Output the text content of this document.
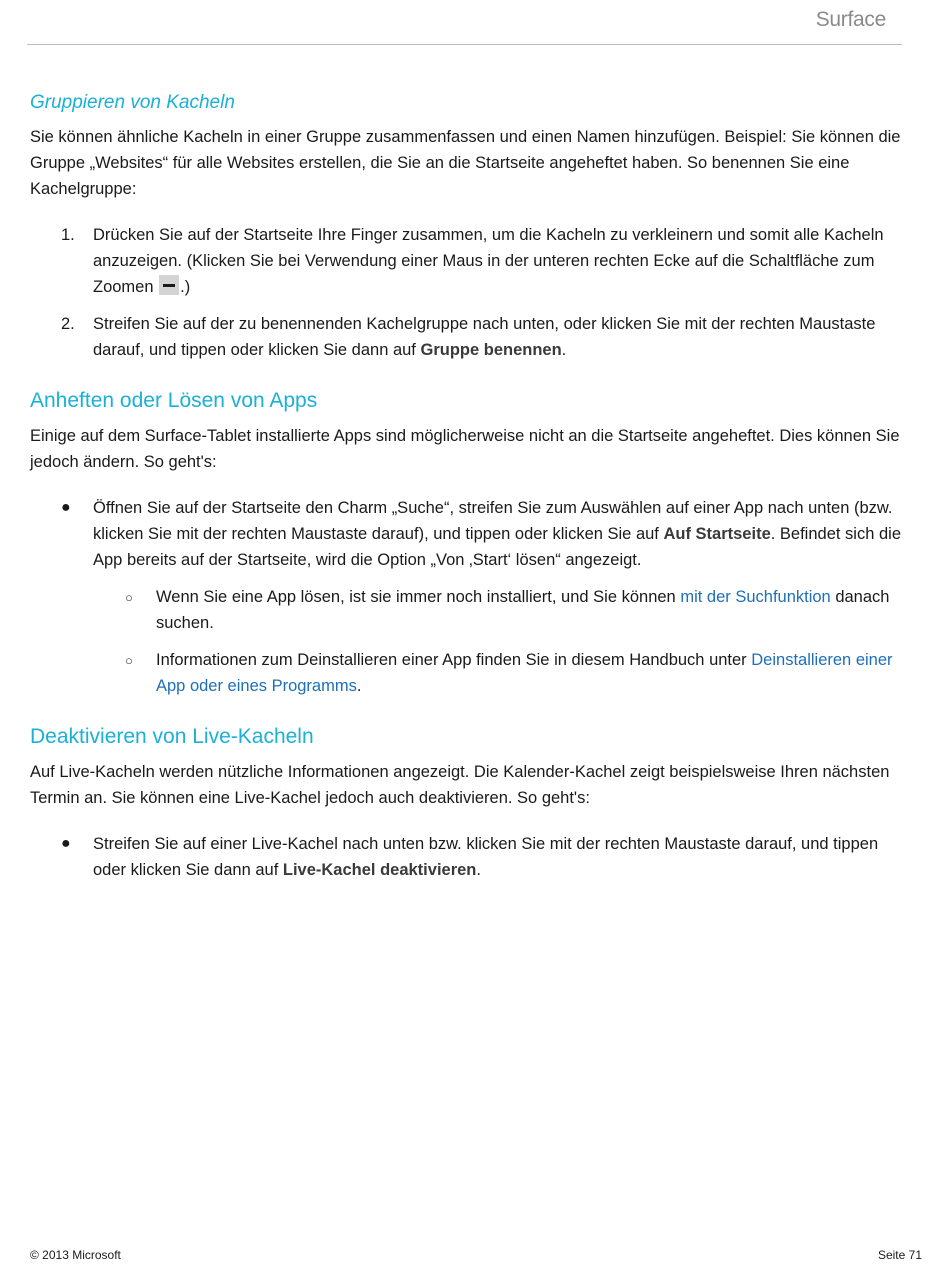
Surface
Gruppieren von Kacheln

Sie können ähnliche Kacheln in einer Gruppe zusammenfassen und einen Namen hinzufügen. Beispiel: Sie können die Gruppe „Websites“ für alle Websites erstellen, die Sie an die Startseite angeheftet haben. So benennen Sie eine Kachelgruppe:

1. Drücken Sie auf der Startseite Ihre Finger zusammen, um die Kacheln zu verkleinern und somit alle Kacheln anzuzeigen. (Klicken Sie bei Verwendung einer Maus in der unteren rechten Ecke auf die Schaltfläche zum Zoomen .)
2. Streifen Sie auf der zu benennenden Kachelgruppe nach unten, oder klicken Sie mit der rechten Maustaste darauf, und tippen oder klicken Sie dann auf Gruppe benennen.
Anheften oder Lösen von Apps

Einige auf dem Surface-Tablet installierte Apps sind möglicherweise nicht an die Startseite angeheftet. Dies können Sie jedoch ändern. So geht's:

● Öffnen Sie auf der Startseite den Charm „Suche“, streifen Sie zum Auswählen auf einer App nach unten (bzw. klicken Sie mit der rechten Maustaste darauf), und tippen oder klicken Sie auf Auf Startseite. Befindet sich die App bereits auf der Startseite, wird die Option „Von ‚Start‘ lösen“ angezeigt.
○ Wenn Sie eine App lösen, ist sie immer noch installiert, und Sie können mit der Suchfunktion danach suchen.
○ Informationen zum Deinstallieren einer App finden Sie in diesem Handbuch unter Deinstallieren einer App oder eines Programms.
Deaktivieren von Live-Kacheln

Auf Live-Kacheln werden nützliche Informationen angezeigt. Die Kalender-Kachel zeigt beispielsweise Ihren nächsten Termin an. Sie können eine Live-Kachel jedoch auch deaktivieren. So geht's:

● Streifen Sie auf einer Live-Kachel nach unten bzw. klicken Sie mit der rechten Maustaste darauf, und tippen oder klicken Sie dann auf Live-Kachel deaktivieren.
© 2013 Microsoft	Seite 71
